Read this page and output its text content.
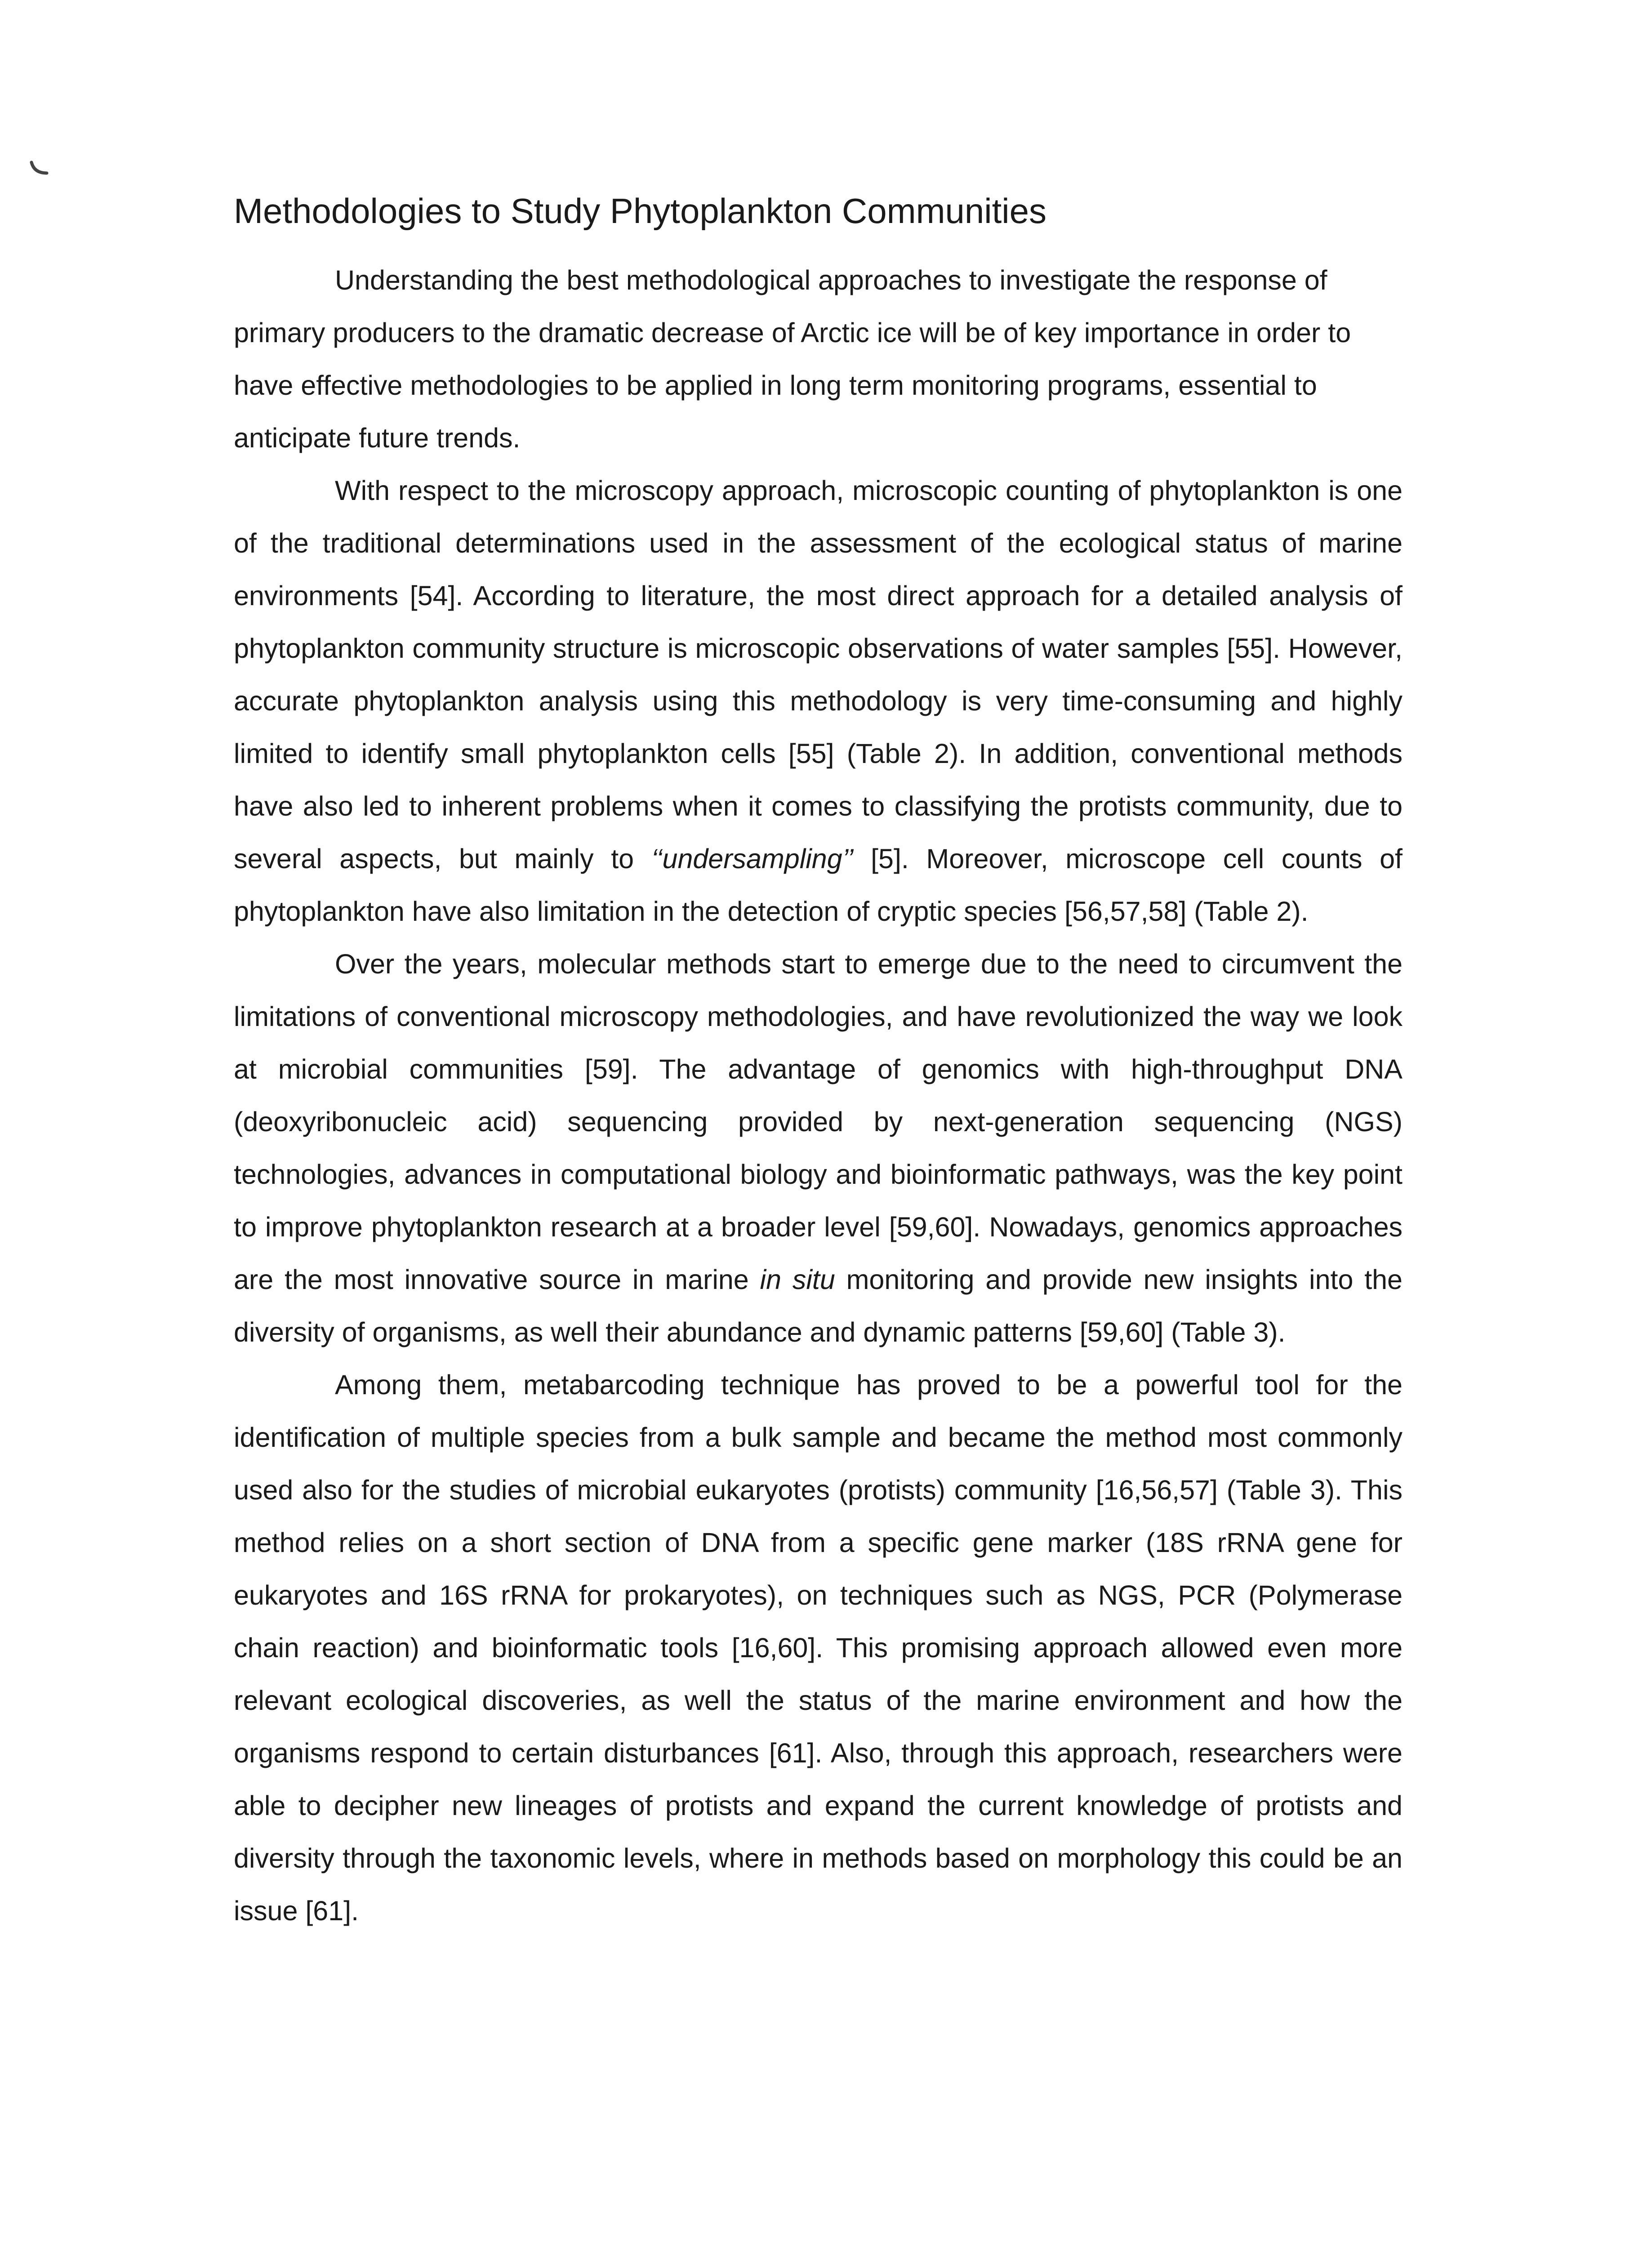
Methodologies to Study Phytoplankton Communities

Understanding the best methodological approaches to investigate the response of primary producers to the dramatic decrease of Arctic ice will be of key importance in order to have effective methodologies to be applied in long term monitoring programs, essential to anticipate future trends.

With respect to the microscopy approach, microscopic counting of phytoplankton is one of the traditional determinations used in the assessment of the ecological status of marine environments [54]. According to literature, the most direct approach for a detailed analysis of phytoplankton community structure is microscopic observations of water samples [55]. However, accurate phytoplankton analysis using this methodology is very time-consuming and highly limited to identify small phytoplankton cells [55] (Table 2). In addition, conventional methods have also led to inherent problems when it comes to classifying the protists community, due to several aspects, but mainly to ‘‘undersampling’’ [5]. Moreover, microscope cell counts of phytoplankton have also limitation in the detection of cryptic species [56,57,58] (Table 2).

Over the years, molecular methods start to emerge due to the need to circumvent the limitations of conventional microscopy methodologies, and have revolutionized the way we look at microbial communities [59]. The advantage of genomics with high-throughput DNA (deoxyribonucleic acid) sequencing provided by next-generation sequencing (NGS) technologies, advances in computational biology and bioinformatic pathways, was the key point to improve phytoplankton research at a broader level [59,60]. Nowadays, genomics approaches are the most innovative source in marine in situ monitoring and provide new insights into the diversity of organisms, as well their abundance and dynamic patterns [59,60] (Table 3).

Among them, metabarcoding technique has proved to be a powerful tool for the identification of multiple species from a bulk sample and became the method most commonly used also for the studies of microbial eukaryotes (protists) community [16,56,57] (Table 3). This method relies on a short section of DNA from a specific gene marker (18S rRNA gene for eukaryotes and 16S rRNA for prokaryotes), on techniques such as NGS, PCR (Polymerase chain reaction) and bioinformatic tools [16,60]. This promising approach allowed even more relevant ecological discoveries, as well the status of the marine environment and how the organisms respond to certain disturbances [61]. Also, through this approach, researchers were able to decipher new lineages of protists and expand the current knowledge of protists and diversity through the taxonomic levels, where in methods based on morphology this could be an issue [61].
